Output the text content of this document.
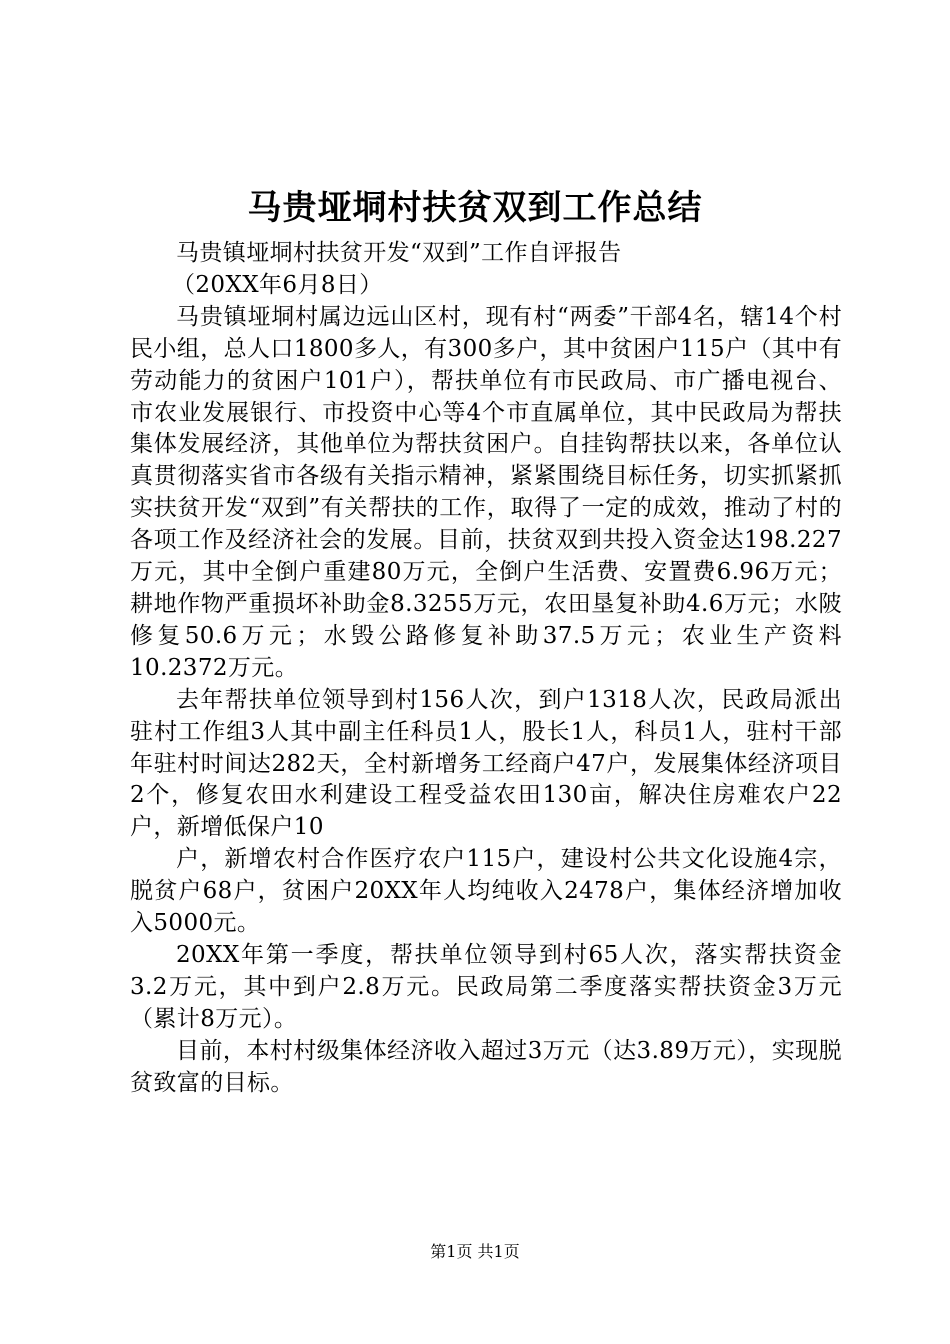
马贵垭垌村扶贫双到工作总结

马贵镇垭垌村扶贫开发“双到”工作自评报告

（20XX年6月8日）

马贵镇垭垌村属边远山区村，现有村“两委”干部4名，辖14个村民小组，总人口1800多人，有300多户，其中贫困户115户（其中有劳动能力的贫困户101户），帮扶单位有市民政局、市广播电视台、市农业发展银行、市投资中心等4个市直属单位，其中民政局为帮扶集体发展经济，其他单位为帮扶贫困户。自挂钩帮扶以来，各单位认真贯彻落实省市各级有关指示精神，紧紧围绕目标任务，切实抓紧抓实扶贫开发“双到”有关帮扶的工作，取得了一定的成效，推动了村的各项工作及经济社会的发展。目前，扶贫双到共投入资金达198.227万元，其中全倒户重建80万元，全倒户生活费、安置费6.96万元；耕地作物严重损坏补助金8.3255万元，农田垦复补助4.6万元；水陂修复50.6万元；水毁公路修复补助37.5万元；农业生产资料10.2372万元。

去年帮扶单位领导到村156人次，到户1318人次，民政局派出驻村工作组3人其中副主任科员1人，股长1人，科员1人，驻村干部年驻村时间达282天，全村新增务工经商户47户，发展集体经济项目2个，修复农田水利建设工程受益农田130亩，解决住房难农户22户，新增低保户10

户，新增农村合作医疗农户115户，建设村公共文化设施4宗，脱贫户68户，贫困户20XX年人均纯收入2478户，集体经济增加收入5000元。

20XX年第一季度，帮扶单位领导到村65人次，落实帮扶资金3.2万元，其中到户2.8万元。民政局第二季度落实帮扶资金3万元（累计8万元）。

目前，本村村级集体经济收入超过3万元（达3.89万元），实现脱贫致富的目标。

第1页 共1页
